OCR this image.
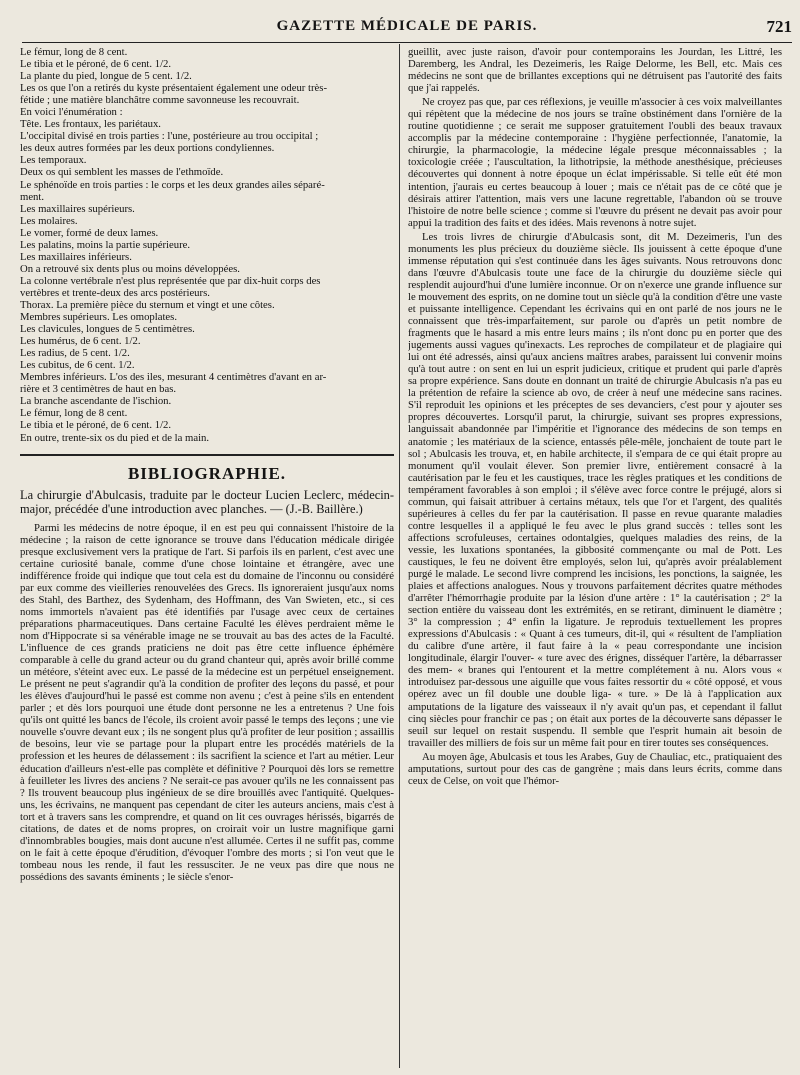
GAZETTE MÉDICALE DE PARIS.	721
Le fémur, long de 8 cent.
Le tibia et le péroné, de 6 cent. 1/2.
La plante du pied, longue de 5 cent. 1/2.
Les os que l'on a retirés du kyste présentaient également une odeur très-
fétide ; une matière blanchâtre comme savonneuse les recouvrait.
En voici l'énumération :
Tête. Les frontaux, les pariétaux.
L'occipital divisé en trois parties : l'une, postérieure au trou occipital ;
les deux autres formées par les deux portions condyliennes.
Les temporaux.
Deux os qui semblent les masses de l'ethmoïde.
Le sphénoïde en trois parties : le corps et les deux grandes ailes séparé-
ment.
Les maxillaires supérieurs.
Les molaires.
Le vomer, formé de deux lames.
Les palatins, moins la partie supérieure.
Les maxillaires inférieurs.
On a retrouvé six dents plus ou moins développées.
La colonne vertébrale n'est plus représentée que par dix-huit corps des
vertèbres et trente-deux des arcs postérieurs.
Thorax. La première pièce du sternum et vingt et une côtes.
Membres supérieurs. Les omoplates.
Les clavicules, longues de 5 centimètres.
Les humérus, de 6 cent. 1/2.
Les radius, de 5 cent. 1/2.
Les cubitus, de 6 cent. 1/2.
Membres inférieurs. L'os des iles, mesurant 4 centimètres d'avant en ar-
rière et 3 centimètres de haut en bas.
La branche ascendante de l'ischion.
Le fémur, long de 8 cent.
Le tibia et le péroné, de 6 cent. 1/2.
En outre, trente-six os du pied et de la main.
BIBLIOGRAPHIE.
La chirurgie d'Abulcasis, traduite par le docteur Lucien Leclerc, médecin-major, précédée d'une introduction avec planches. — (J.-B. Baillère.)

Parmi les médecins de notre époque, il en est peu qui connaissent l'histoire de la médecine ; la raison de cette ignorance se trouve dans l'éducation médicale dirigée presque exclusivement vers la pratique de l'art. Si parfois ils en parlent, c'est avec une certaine curiosité banale, comme d'une chose lointaine et étrangère, avec une indifférence froide qui indique que tout cela est du domaine de l'inconnu ou considéré par eux comme des vieilleries renouvelées des Grecs. Ils ignoreraient jusqu'aux noms des Stahl, des Barthez, des Sydenham, des Hoffmann, des Van Swieten, etc., si ces noms immortels n'avaient pas été identifiés par l'usage avec ceux de certaines préparations pharmaceutiques. Dans certaine Faculté les élèves perdraient même le nom d'Hippocrate si sa vénérable image ne se trouvait au bas des actes de la Faculté. L'influence de ces grands praticiens ne doit pas être cette influence éphémère comparable à celle du grand acteur ou du grand chanteur qui, après avoir brillé comme un météore, s'éteint avec eux. Le passé de la médecine est un perpétuel enseignement. Le présent ne peut s'agrandir qu'à la condition de profiter des leçons du passé, et pour les élèves d'aujourd'hui le passé est comme non avenu ; c'est à peine s'ils en entendent parler ; et dès lors pourquoi une étude dont personne ne les a entretenus ? Une fois qu'ils ont quitté les bancs de l'école, ils croient avoir passé le temps des leçons ; une vie nouvelle s'ouvre devant eux ; ils ne songent plus qu'à profiter de leur position ; assaillis de besoins, leur vie se partage pour la plupart entre les procédés matériels de la profession et les heures de délassement : ils sacrifient la science et l'art au métier. Leur éducation d'ailleurs n'est-elle pas complète et définitive ? Pourquoi dès lors se remettre à feuilleter les livres des anciens ? Ne serait-ce pas avouer qu'ils ne les connaissent pas ? Ils trouvent beaucoup plus ingénieux de se dire brouillés avec l'antiquité. Quelques-uns, les écrivains, ne manquent pas cependant de citer les auteurs anciens, mais c'est à tort et à travers sans les comprendre, et quand on lit ces ouvrages hérissés, bigarrés de citations, de dates et de noms propres, on croirait voir un lustre magnifique garni d'innombrables bougies, mais dont aucune n'est allumée. Certes il ne suffit pas, comme on le fait à cette époque d'érudition, d'évoquer l'ombre des morts ; si l'on veut que le tombeau nous les rende, il faut les ressusciter. Je ne veux pas dire que nous ne possédions des savants éminents ; le siècle s'enor-

gueillit, avec juste raison, d'avoir pour contemporains les Jourdan, les Littré, les Daremberg, les Andral, les Dezeimeris, les Raige Delorme, les Bell, etc. Mais ces médecins ne sont que de brillantes exceptions qui ne détruisent pas l'autorité des faits que j'ai rappelés.

Ne croyez pas que, par ces réflexions, je veuille m'associer à ces voix malveillantes qui répètent que la médecine de nos jours se traîne obstinément dans l'ornière de la routine quotidienne ; ce serait me supposer gratuitement l'oubli des beaux travaux accomplis par la médecine contemporaine : l'hygiène perfectionnée, l'anatomie, la chirurgie, la pharmacologie, la médecine légale presque méconnaissables ; la toxicologie créée ; l'auscultation, la lithotripsie, la méthode anesthésique, précieuses découvertes qui donnent à notre époque un éclat impérissable. Si telle eût été mon intention, j'aurais eu certes beaucoup à louer ; mais ce n'était pas de ce côté que je désirais attirer l'attention, mais vers une lacune regrettable, l'abandon où se trouve l'histoire de notre belle science ; comme si l'œuvre du présent ne devait pas avoir pour appui la tradition des faits et des idées. Mais revenons à notre sujet.

Les trois livres de chirurgie d'Abulcasis sont, dit M. Dezeimeris, l'un des monuments les plus précieux du douzième siècle. Ils jouissent à cette époque d'une immense réputation qui s'est continuée dans les âges suivants. Nous retrouvons donc dans l'œuvre d'Abulcasis toute une face de la chirurgie du douzième siècle qui resplendit aujourd'hui d'une lumière inconnue. Or on n'exerce une grande influence sur le mouvement des esprits, on ne domine tout un siècle qu'à la condition d'être une vaste et puissante intelligence. Cependant les écrivains qui en ont parlé de nos jours ne le connaissent que très-imparfaitement, sur parole ou d'après un petit nombre de fragments que le hasard a mis entre leurs mains ; ils n'ont donc pu en porter que des jugements aussi vagues qu'inexacts. Les reproches de compilateur et de plagiaire qui lui ont été adressés, ainsi qu'aux anciens maîtres arabes, paraissent lui convenir moins qu'à tout autre : on sent en lui un esprit judicieux, critique et prudent qui parle d'après sa propre expérience. Sans doute en donnant un traité de chirurgie Abulcasis n'a pas eu la prétention de refaire la science ab ovo, de créer à neuf une médecine sans racines. S'il reproduit les opinions et les préceptes de ses devanciers, c'est pour y ajouter ses propres découvertes. Lorsqu'il parut, la chirurgie, suivant ses propres expressions, languissait abandonnée par l'impéritie et l'ignorance des médecins de son temps en anatomie ; les matériaux de la science, entassés pêle-mêle, jonchaient de toute part le sol ; Abulcasis les trouva, et, en habile architecte, il s'empara de ce qui était propre au monument qu'il voulait élever. Son premier livre, entièrement consacré à la cautérisation par le feu et les caustiques, trace les règles pratiques et les conditions de tempérament favorables à son emploi ; il s'élève avec force contre le préjugé, alors si commun, qui faisait attribuer à certains métaux, tels que l'or et l'argent, des qualités supérieures à celles du fer par la cautérisation. Il passe en revue quarante maladies contre lesquelles il a appliqué le feu avec le plus grand succès : telles sont les affections scrofuleuses, certaines odontalgies, quelques maladies des reins, de la vessie, les luxations spontanées, la gibbosité commençante ou mal de Pott. Les caustiques, le feu ne doivent être employés, selon lui, qu'après avoir préalablement purgé le malade. Le second livre comprend les incisions, les ponctions, la saignée, les plaies et affections analogues. Nous y trouvons parfaitement décrites quatre méthodes d'arrêter l'hémorrhagie produite par la lésion d'une artère : 1° la cautérisation ; 2° la section entière du vaisseau dont les extrémités, en se retirant, diminuent le diamètre ; 3° la compression ; 4° enfin la ligature. Je reproduis textuellement les propres expressions d'Abulcasis : « Quant à ces tumeurs, dit-il, qui « résultent de l'ampliation du calibre d'une artère, il faut faire à la « peau correspondante une incision longitudinale, élargir l'ouver- « ture avec des érignes, disséquer l'artère, la débarrasser des mem- « branes qui l'entourent et la mettre complétement à nu. Alors vous « introduisez par-dessous une aiguille que vous faites ressortir du « côté opposé, et vous opérez avec un fil double une double liga- « ture. » De là à l'application aux amputations de la ligature des vaisseaux il n'y avait qu'un pas, et cependant il fallut cinq siècles pour franchir ce pas ; on était aux portes de la découverte sans dépasser le seuil sur lequel on restait suspendu. Il semble que l'esprit humain ait besoin de travailler des milliers de fois sur un même fait pour en tirer toutes ses conséquences.

Au moyen âge, Abulcasis et tous les Arabes, Guy de Chauliac, etc., pratiquaient des amputations, surtout pour des cas de gangrène ; mais dans leurs écrits, comme dans ceux de Celse, on voit que l'hémor-
